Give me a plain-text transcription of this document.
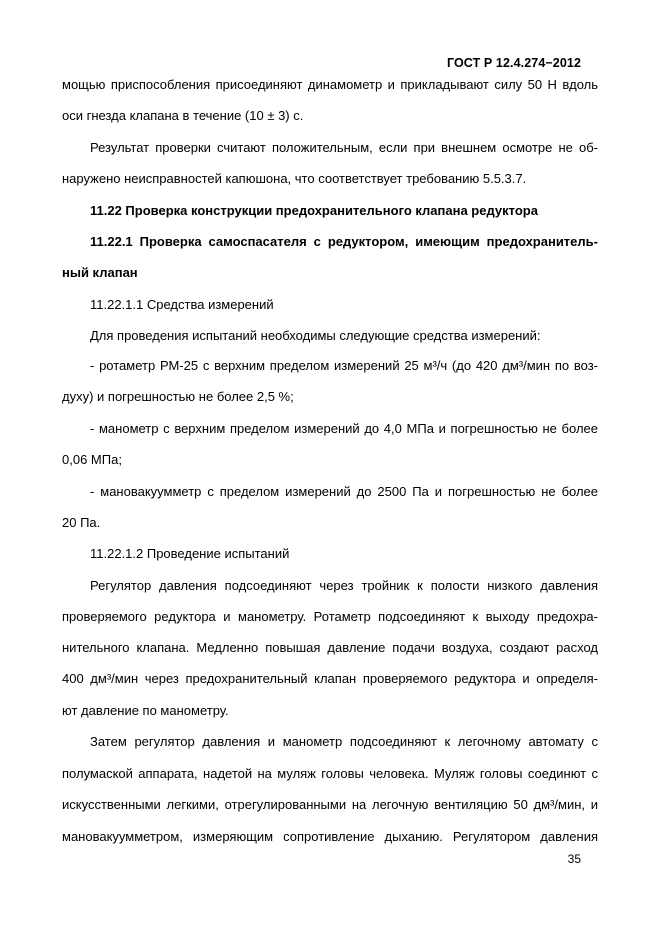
ГОСТ Р 12.4.274−2012
мощью приспособления присоединяют динамометр и прикладывают силу 50 Н вдоль
оси гнезда клапана в течение (10 ± 3) с.
Результат проверки считают положительным, если при внешнем осмотре не об-
наружено неисправностей капюшона, что соответствует требованию 5.5.3.7.
11.22 Проверка конструкции предохранительного клапана редуктора
11.22.1 Проверка самоспасателя с редуктором, имеющим предохранитель-
ный клапан
11.22.1.1 Средства измерений
Для проведения испытаний необходимы следующие средства измерений:
- ротаметр РМ-25 с верхним пределом измерений 25 м³/ч (до 420 дм³/мин по воз-
духу) и погрешностью не более 2,5 %;
- манометр с верхним пределом измерений до 4,0 МПа и погрешностью не более
0,06 МПа;
- мановакуумметр с пределом измерений до 2500 Па и погрешностью не более
20 Па.
11.22.1.2 Проведение испытаний
Регулятор давления подсоединяют через тройник к полости низкого давления
проверяемого редуктора и манометру. Ротаметр подсоединяют к выходу предохра-
нительного клапана. Медленно повышая давление подачи воздуха, создают расход
400 дм³/мин через предохранительный клапан проверяемого редуктора и определя-
ют давление по манометру.
Затем регулятор давления и манометр подсоединяют к легочному автомату с
полумаской аппарата, надетой на муляж головы человека. Муляж головы соединют с
искусственными легкими, отрегулированными на легочную вентиляцию 50 дм³/мин, и
мановакуумметром, измеряющим сопротивление дыханию. Регулятором давления
35
